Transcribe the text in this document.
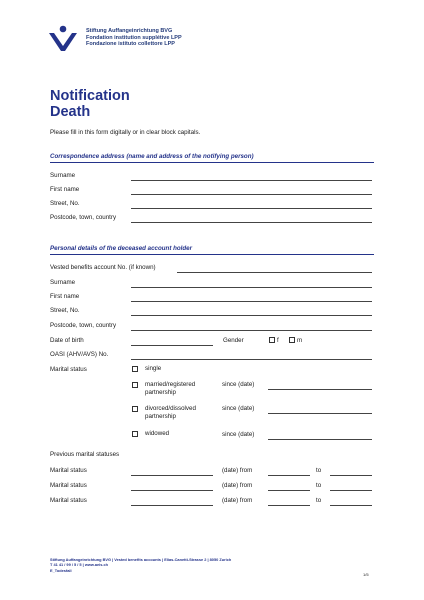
Stiftung Auffangeinrichtung BVG
Fondation institution supplétive LPP
Fondazione istituto collettore LPP
Notification
Death
Please fill in this form digitally or in clear block capitals.
Correspondence address (name and address of the notifying person)
Surname
First name
Street, No.
Postcode, town, country
Personal details of the deceased account holder
Vested benefits account No. (if known)
Surname
First name
Street, No.
Postcode, town, country
Date of birth	Gender	f	m
OASI (AHV/AVS) No.
Marital status	single
married/registered
partnership
since (date)
divorced/dissolved
partnership
since (date)
widowed	since (date)
Previous marital statuses
Marital status	(date) from	to
Marital status	(date) from	to
Marital status	(date) from	to
Stiftung Auffangeinrichtung BVG | Vested benefits accounts | Elias-Canetti-Strasse 2 | 8050 Zurich
T 41 41 / 99 / 5 / 5 | www.aeis.ch
E_Todesfall
1/5
